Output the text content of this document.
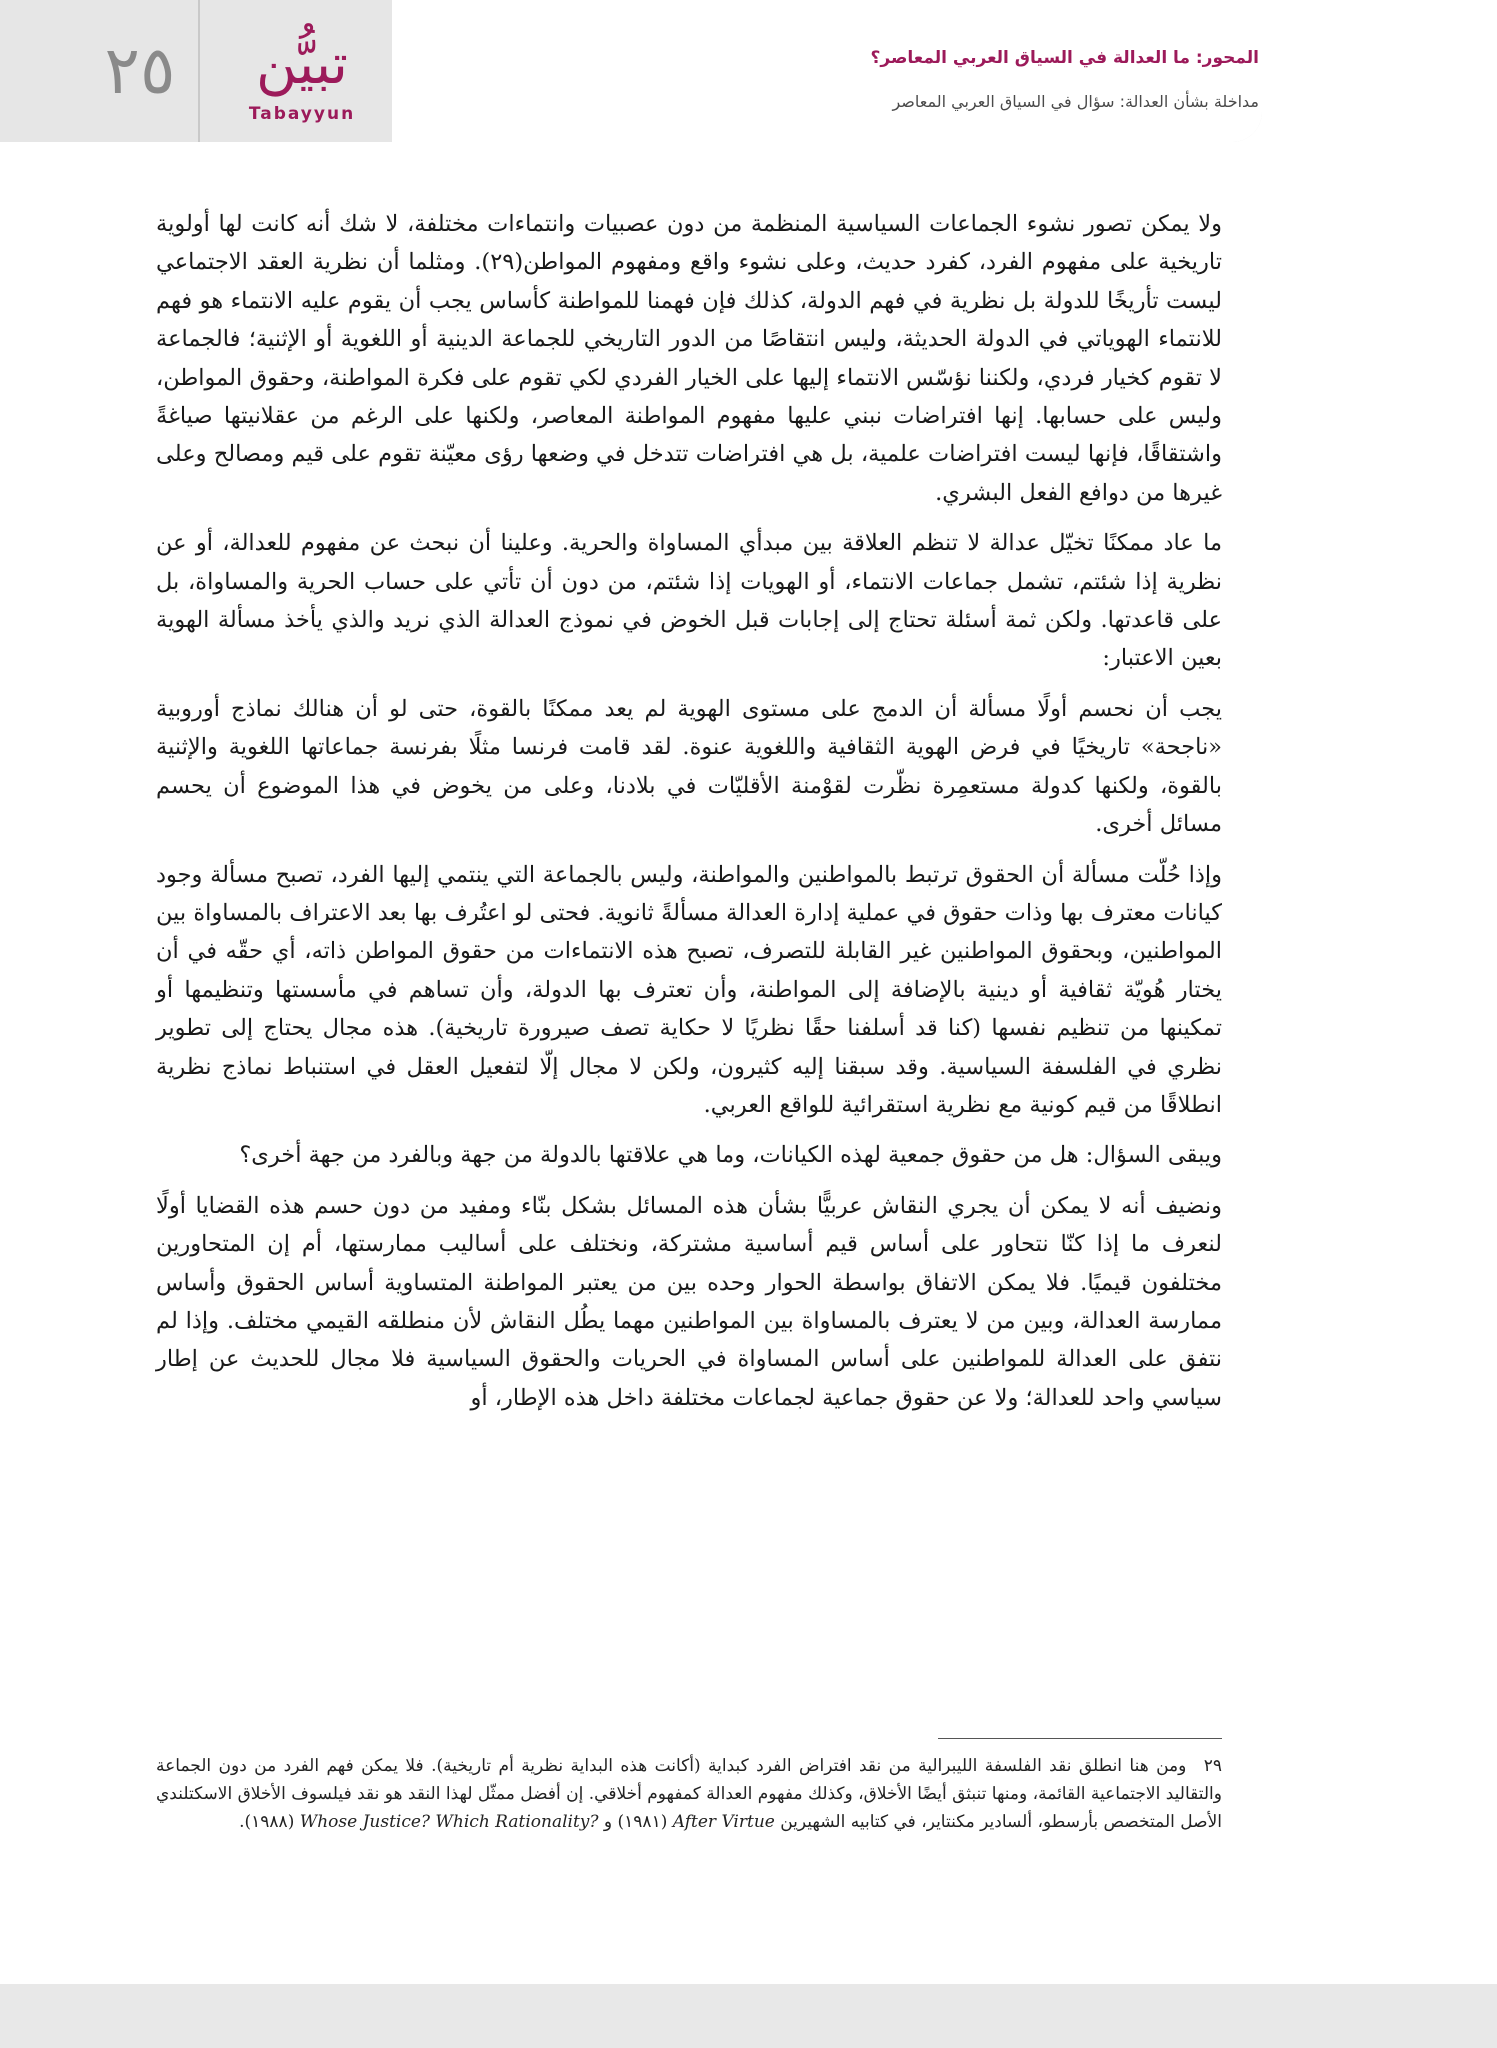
٢٥	تبيُّن
Tabayyun
المحور: ما العدالة في السياق العربي المعاصر؟
مداخلة بشأن العدالة: سؤال في السياق العربي المعاصر

ولا يمكن تصور نشوء الجماعات السياسية المنظمة من دون عصبيات وانتماءات مختلفة، لا شك أنه كانت لها أولوية تاريخية على مفهوم الفرد، كفرد حديث، وعلى نشوء واقع ومفهوم المواطن(٢٩). ومثلما أن نظرية العقد الاجتماعي ليست تأريخًا للدولة بل نظرية في فهم الدولة، كذلك فإن فهمنا للمواطنة كأساس يجب أن يقوم عليه الانتماء هو فهم للانتماء الهوياتي في الدولة الحديثة، وليس انتقاصًا من الدور التاريخي للجماعة الدينية أو اللغوية أو الإثنية؛ فالجماعة لا تقوم كخيار فردي، ولكننا نؤسّس الانتماء إليها على الخيار الفردي لكي تقوم على فكرة المواطنة، وحقوق المواطن، وليس على حسابها. إنها افتراضات نبني عليها مفهوم المواطنة المعاصر، ولكنها على الرغم من عقلانيتها صياغةً واشتقاقًا، فإنها ليست افتراضات علمية، بل هي افتراضات تتدخل في وضعها رؤى معيّنة تقوم على قيم ومصالح وعلى غيرها من دوافع الفعل البشري.

ما عاد ممكنًا تخيّل عدالة لا تنظم العلاقة بين مبدأي المساواة والحرية. وعلينا أن نبحث عن مفهوم للعدالة، أو عن نظرية إذا شئتم، تشمل جماعات الانتماء، أو الهويات إذا شئتم، من دون أن تأتي على حساب الحرية والمساواة، بل على قاعدتها. ولكن ثمة أسئلة تحتاج إلى إجابات قبل الخوض في نموذج العدالة الذي نريد والذي يأخذ مسألة الهوية بعين الاعتبار:

يجب أن نحسم أولًا مسألة أن الدمج على مستوى الهوية لم يعد ممكنًا بالقوة، حتى لو أن هنالك نماذج أوروبية «ناجحة» تاريخيًا في فرض الهوية الثقافية واللغوية عنوة. لقد قامت فرنسا مثلًا بفرنسة جماعاتها اللغوية والإثنية بالقوة، ولكنها كدولة مستعمِرة نظّرت لقوْمنة الأقليّات في بلادنا، وعلى من يخوض في هذا الموضوع أن يحسم مسائل أخرى.

وإذا حُلّت مسألة أن الحقوق ترتبط بالمواطنين والمواطنة، وليس بالجماعة التي ينتمي إليها الفرد، تصبح مسألة وجود كيانات معترف بها وذات حقوق في عملية إدارة العدالة مسألةً ثانوية. فحتى لو اعتُرف بها بعد الاعتراف بالمساواة بين المواطنين، وبحقوق المواطنين غير القابلة للتصرف، تصبح هذه الانتماءات من حقوق المواطن ذاته، أي حقّه في أن يختار هُويّة ثقافية أو دينية بالإضافة إلى المواطنة، وأن تعترف بها الدولة، وأن تساهم في مأسستها وتنظيمها أو تمكينها من تنظيم نفسها (كنا قد أسلفنا حقًا نظريًا لا حكاية تصف صيرورة تاريخية). هذه مجال يحتاج إلى تطوير نظري في الفلسفة السياسية. وقد سبقنا إليه كثيرون، ولكن لا مجال إلّا لتفعيل العقل في استنباط نماذج نظرية انطلاقًا من قيم كونية مع نظرية استقرائية للواقع العربي.

ويبقى السؤال: هل من حقوق جمعية لهذه الكيانات، وما هي علاقتها بالدولة من جهة وبالفرد من جهة أخرى؟

ونضيف أنه لا يمكن أن يجري النقاش عربيًّا بشأن هذه المسائل بشكل بنّاء ومفيد من دون حسم هذه القضايا أولًا لنعرف ما إذا كنّا نتحاور على أساس قيم أساسية مشتركة، ونختلف على أساليب ممارستها، أم إن المتحاورين مختلفون قيميًا. فلا يمكن الاتفاق بواسطة الحوار وحده بين من يعتبر المواطنة المتساوية أساس الحقوق وأساس ممارسة العدالة، وبين من لا يعترف بالمساواة بين المواطنين مهما يطُل النقاش لأن منطلقه القيمي مختلف. وإذا لم نتفق على العدالة للمواطنين على أساس المساواة في الحريات والحقوق السياسية فلا مجال للحديث عن إطار سياسي واحد للعدالة؛ ولا عن حقوق جماعية لجماعات مختلفة داخل هذه الإطار، أو

٢٩ ومن هنا انطلق نقد الفلسفة الليبرالية من نقد افتراض الفرد كبداية (أكانت هذه البداية نظرية أم تاريخية). فلا يمكن فهم الفرد من دون الجماعة والتقاليد الاجتماعية القائمة، ومنها تنبثق أيضًا الأخلاق، وكذلك مفهوم العدالة كمفهوم أخلاقي. إن أفضل ممثّل لهذا النقد هو نقد فيلسوف الأخلاق الاسكتلندي الأصل المتخصص بأرسطو، ألسادير مكنتاير، في كتابيه الشهيرين After Virtue (١٩٨١) و Whose Justice? Which Rationality? (١٩٨٨).
